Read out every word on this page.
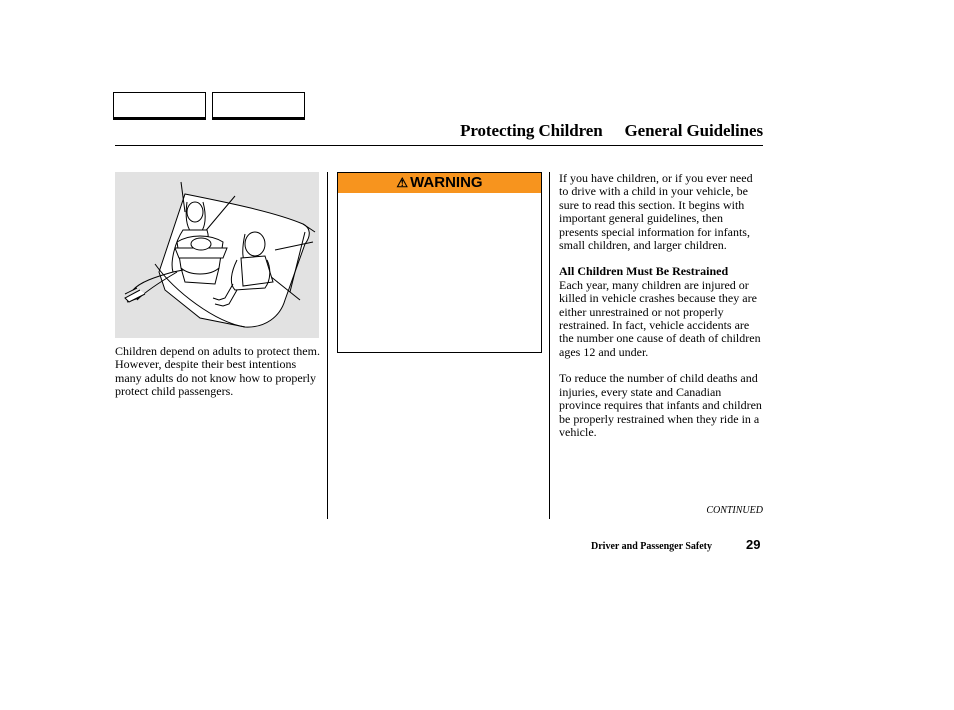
Protecting Children General Guidelines
Children depend on adults to protect them. However, despite their best intentions many adults do not know how to properly protect child passengers.
⚠ WARNING	If you have children, or if you ever need to drive with a child in your vehicle, be sure to read this section. It begins with important general guidelines, then presents special information for infants, small children, and larger children.

All Children Must Be Restrained

Each year, many children are injured or killed in vehicle crashes because they are either unrestrained or not properly restrained. In fact, vehicle accidents are the number one cause of death of children ages 12 and under.

To reduce the number of child deaths and injuries, every state and Canadian province requires that infants and children be properly restrained when they ride in a vehicle.

CONTINUED
Driver and Passenger Safety	29
